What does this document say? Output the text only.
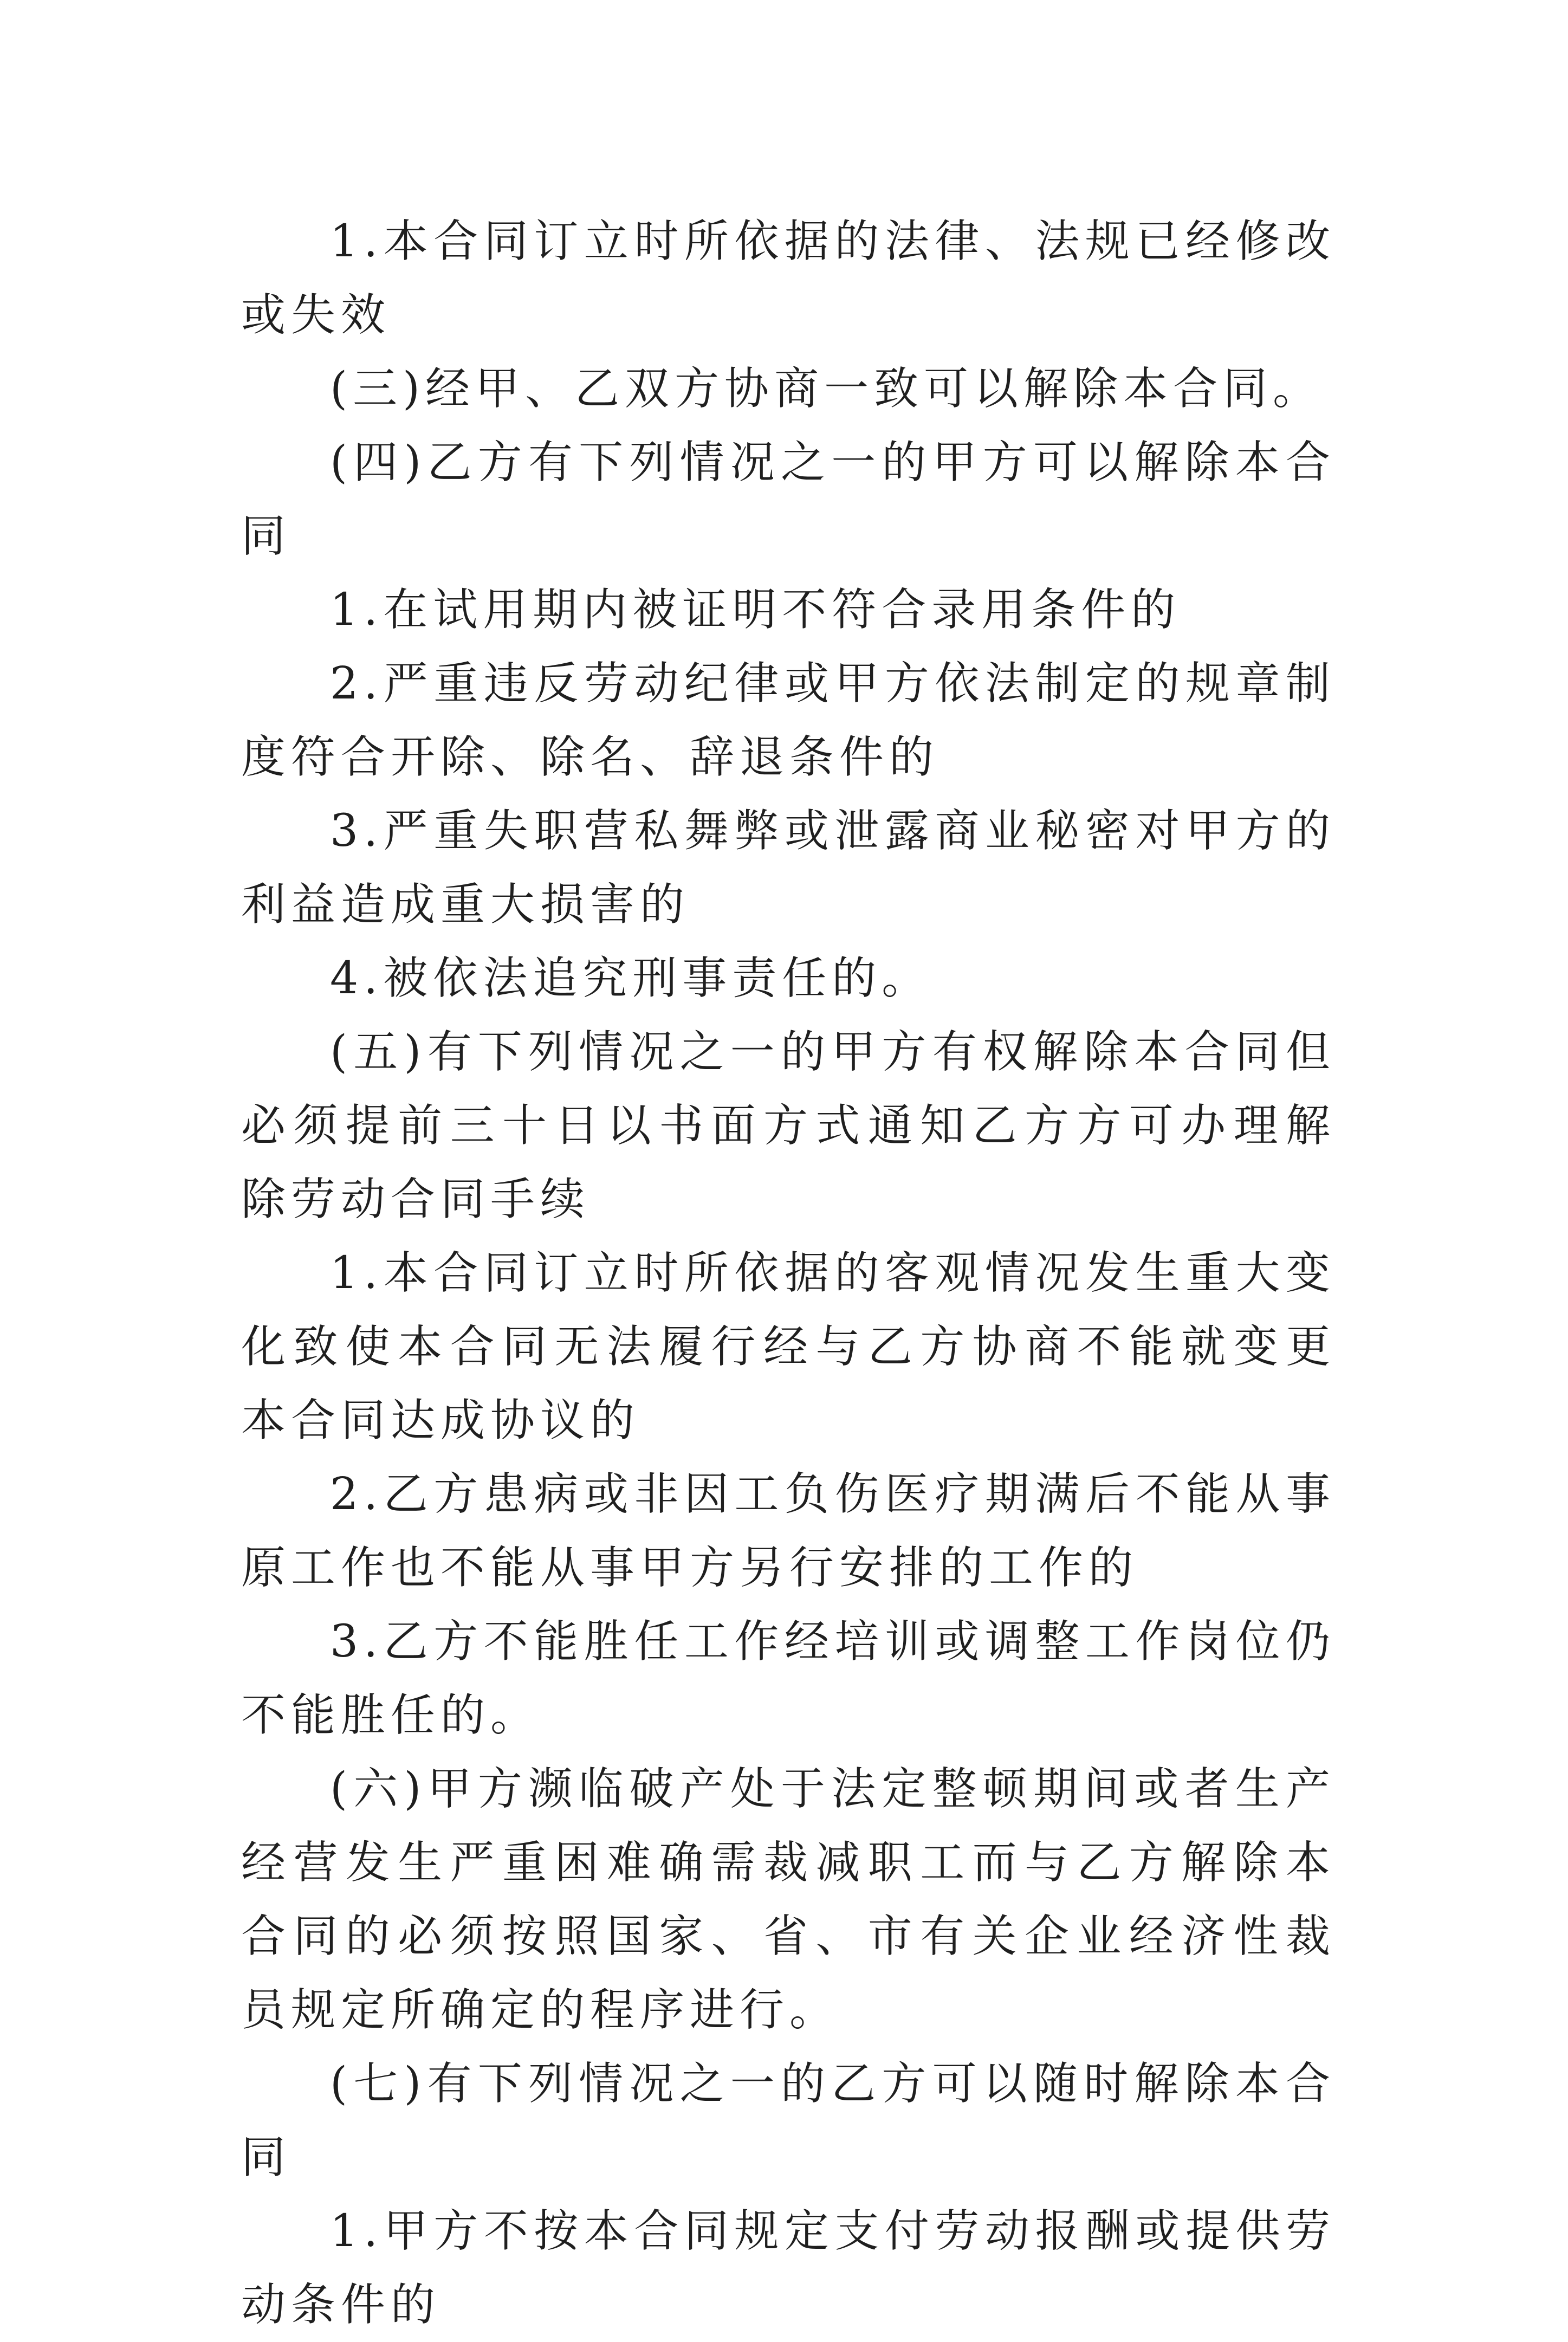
1.本合同订立时所依据的法律、法规已经修改或失效

(三)经甲、乙双方协商一致可以解除本合同。

(四)乙方有下列情况之一的甲方可以解除本合同

1.在试用期内被证明不符合录用条件的

2.严重违反劳动纪律或甲方依法制定的规章制度符合开除、除名、辞退条件的

3.严重失职营私舞弊或泄露商业秘密对甲方的利益造成重大损害的

4.被依法追究刑事责任的。

(五)有下列情况之一的甲方有权解除本合同但必须提前三十日以书面方式通知乙方方可办理解除劳动合同手续

1.本合同订立时所依据的客观情况发生重大变化致使本合同无法履行经与乙方协商不能就变更本合同达成协议的

2.乙方患病或非因工负伤医疗期满后不能从事原工作也不能从事甲方另行安排的工作的

3.乙方不能胜任工作经培训或调整工作岗位仍不能胜任的。

(六)甲方濒临破产处于法定整顿期间或者生产经营发生严重困难确需裁减职工而与乙方解除本合同的必须按照国家、省、市有关企业经济性裁员规定所确定的程序进行。

(七)有下列情况之一的乙方可以随时解除本合同

1.甲方不按本合同规定支付劳动报酬或提供劳动条件的
